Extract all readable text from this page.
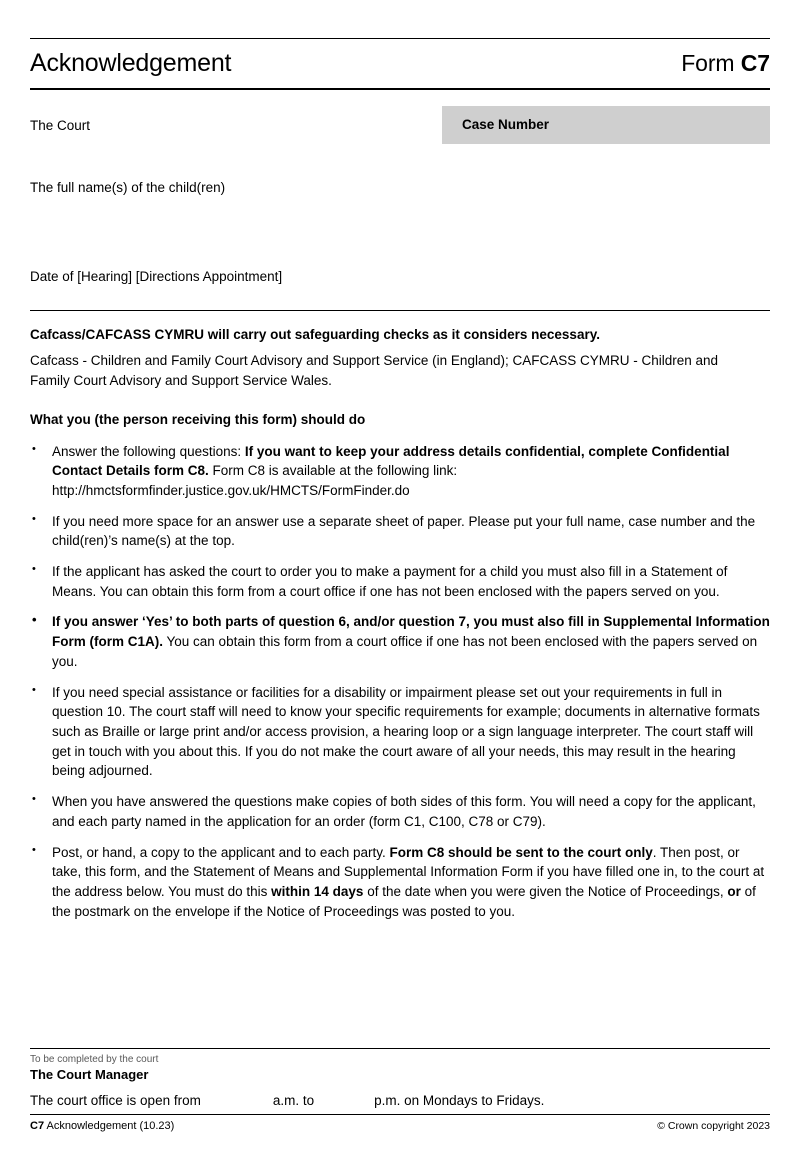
Acknowledgement	Form C7
The Court	Case Number
The full name(s) of the child(ren)
Date of [Hearing] [Directions Appointment]
Cafcass/CAFCASS CYMRU will carry out safeguarding checks as it considers necessary.
Cafcass - Children and Family Court Advisory and Support Service (in England); CAFCASS CYMRU - Children and Family Court Advisory and Support Service Wales.
What you (the person receiving this form) should do
• Answer the following questions: If you want to keep your address details confidential, complete Confidential Contact Details form C8. Form C8 is available at the following link: http://hmctsformfinder.justice.gov.uk/HMCTS/FormFinder.do
• If you need more space for an answer use a separate sheet of paper. Please put your full name, case number and the child(ren)’s name(s) at the top.
• If the applicant has asked the court to order you to make a payment for a child you must also fill in a Statement of Means. You can obtain this form from a court office if one has not been enclosed with the papers served on you.
• If you answer ‘Yes’ to both parts of question 6, and/or question 7, you must also fill in Supplemental Information Form (form C1A). You can obtain this form from a court office if one has not been enclosed with the papers served on you.
• If you need special assistance or facilities for a disability or impairment please set out your requirements in full in question 10. The court staff will need to know your specific requirements for example; documents in alternative formats such as Braille or large print and/or access provision, a hearing loop or a sign language interpreter. The court staff will get in touch with you about this. If you do not make the court aware of all your needs, this may result in the hearing being adjourned.
• When you have answered the questions make copies of both sides of this form. You will need a copy for the applicant, and each party named in the application for an order (form C1, C100, C78 or C79).
• Post, or hand, a copy to the applicant and to each party. Form C8 should be sent to the court only. Then post, or take, this form, and the Statement of Means and Supplemental Information Form if you have filled one in, to the court at the address below. You must do this within 14 days of the date when you were given the Notice of Proceedings, or of the postmark on the envelope if the Notice of Proceedings was posted to you.
To be completed by the court
The Court Manager
The court office is open from	a.m. to	p.m. on Mondays to Fridays.
C7 Acknowledgement (10.23)	© Crown copyright 2023
